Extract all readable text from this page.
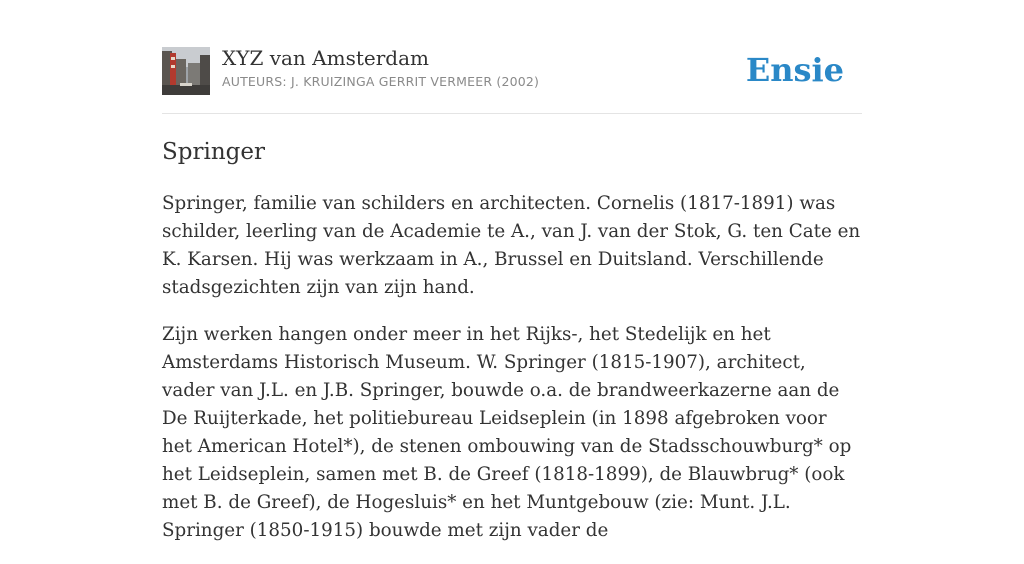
XYZ van Amsterdam
AUTEURS: J. KRUIZINGA GERRIT VERMEER (2002)	Ensie
Springer

Springer, familie van schilders en architecten. Cornelis (1817-1891) was schilder, leerling van de Academie te A., van J. van der Stok, G. ten Cate en K. Karsen. Hij was werkzaam in A., Brussel en Duitsland. Verschillende stadsgezichten zijn van zijn hand.

Zijn werken hangen onder meer in het Rijks-, het Stedelijk en het Amsterdams Historisch Museum. W. Springer (1815-1907), architect, vader van J.L. en J.B. Springer, bouwde o.a. de brandweerkazerne aan de De Ruijterkade, het politiebureau Leidseplein (in 1898 afgebroken voor het American Hotel*), de stenen ombouwing van de Stadsschouwburg* op het Leidseplein, samen met B. de Greef (1818-1899), de Blauwbrug* (ook met B. de Greef), de Hogesluis* en het Muntgebouw (zie: Munt. J.L. Springer (1850-1915) bouwde met zijn vader de
